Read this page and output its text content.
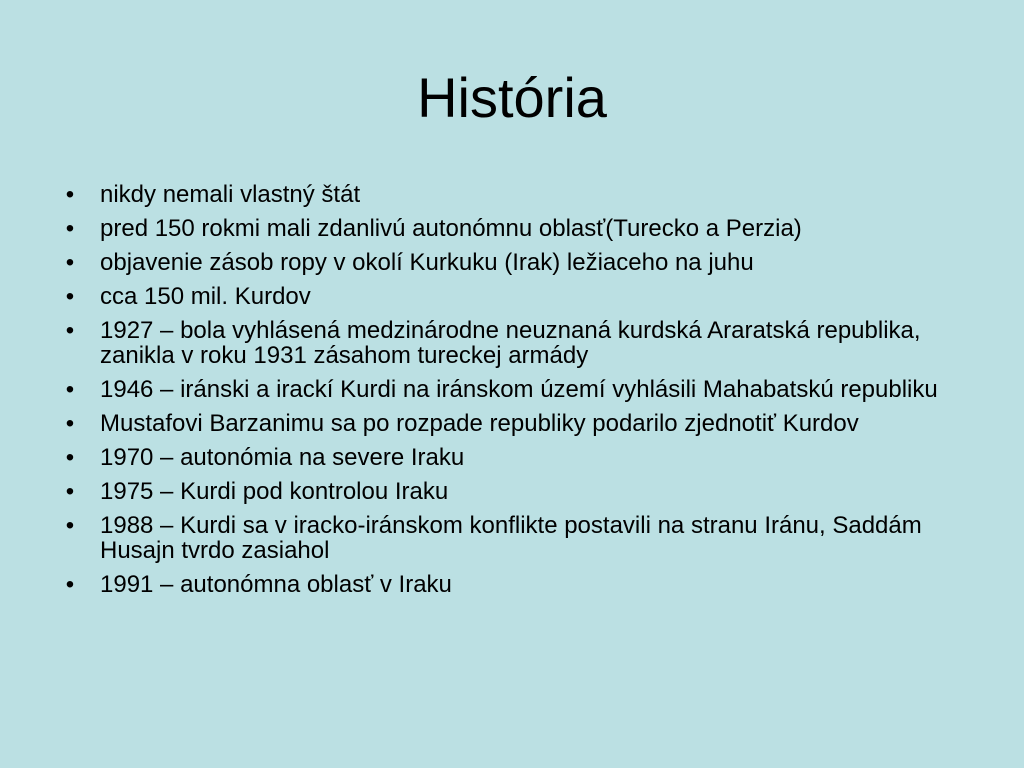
História
• nikdy nemali vlastný štát
• pred 150 rokmi mali zdanlivú autonómnu oblasť(Turecko a Perzia)
• objavenie zásob ropy v okolí Kurkuku (Irak) ležiaceho na juhu
• cca 150 mil. Kurdov
• 1927 – bola vyhlásená medzinárodne neuznaná kurdská Araratská republika, zanikla v roku 1931 zásahom tureckej armády
• 1946 – iránski a irackí Kurdi na iránskom území vyhlásili Mahabatskú republiku
• Mustafovi Barzanimu sa po rozpade republiky podarilo zjednotiť Kurdov
• 1970 – autonómia na severe Iraku
• 1975 – Kurdi pod kontrolou Iraku
• 1988 – Kurdi sa v iracko-iránskom konflikte postavili na stranu Iránu, Saddám Husajn tvrdo zasiahol
• 1991 – autonómna oblasť v Iraku
